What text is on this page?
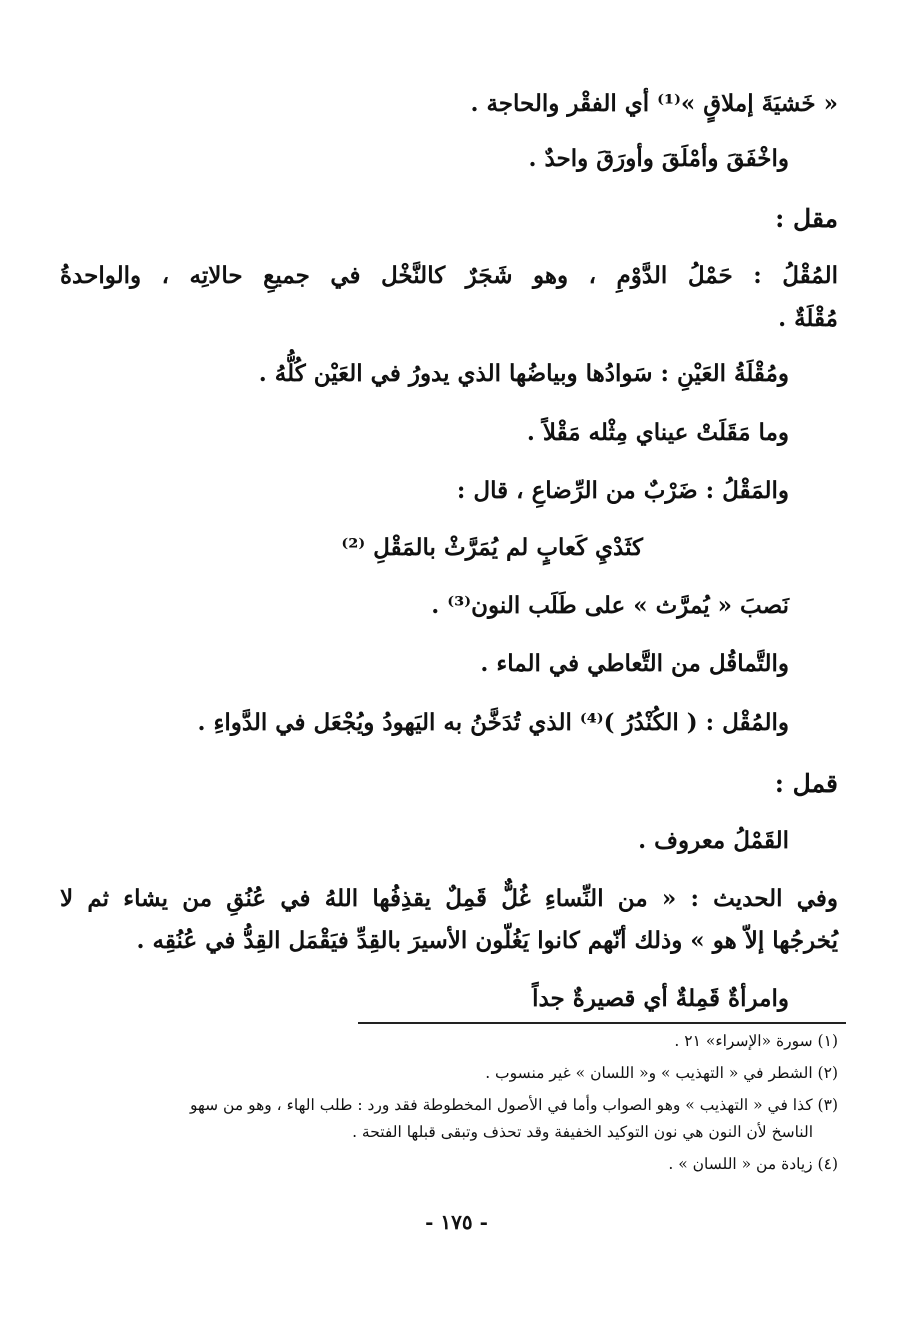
« خَشيَةَ إملاقٍ »⁽¹⁾ أي الفقْر والحاجة .
واخْفَقَ وأمْلَقَ وأورَقَ واحدٌ .
مقل :
المُقْلُ : حَمْلُ الدَّوْمِ ، وهو شَجَرٌ كالنَّخْل في جميعِ حالاتِه ، والواحدةُ
مُقْلَةٌ .
ومُقْلَةُ العَيْنِ : سَوادُها وبياضُها الذي يدورُ في العَيْن كُلُّهُ .
وما مَقَلَتْ عيناي مِثْله مَقْلاً .
والمَقْلُ : ضَرْبٌ من الرِّضاعِ ، قال :
كثَدْيِ كَعابٍ لم يُمَرَّثْ بالمَقْلِ ⁽²⁾
نَصبَ « يُمرَّث » على طَلَب النون⁽³⁾ .
والتَّماقُل من التَّعاطي في الماء .
والمُقْل : ( الكُنْدُرُ )⁽⁴⁾ الذي تُدَخَّنُ به اليَهودُ ويُجْعَل في الدَّواءِ .
قمل :
القَمْلُ معروف .
وفي الحديث : « من النِّساءِ غُلٌّ قَمِلٌ يقذِفُها اللهُ في عُنُقِ من يشاء ثم لا
يُخرجُها إلاّ هو » وذلك أنّهم كانوا يَغُلّون الأسيرَ بالقِدِّ فيَقْمَل القِدُّ في عُنُقِه .
وامرأةٌ قَمِلةٌ أي قصيرةٌ جداً
(١) سورة «الإسراء» ٢١ .
(٢) الشطر في « التهذيب » و« اللسان » غير منسوب .
(٣) كذا في « التهذيب » وهو الصواب وأما في الأصول المخطوطة فقد ورد : طلب الهاء ، وهو من سهو
الناسخ لأن النون هي نون التوكيد الخفيفة وقد تحذف وتبقى قبلها الفتحة .
(٤) زيادة من « اللسان » .
- ١٧٥ -
